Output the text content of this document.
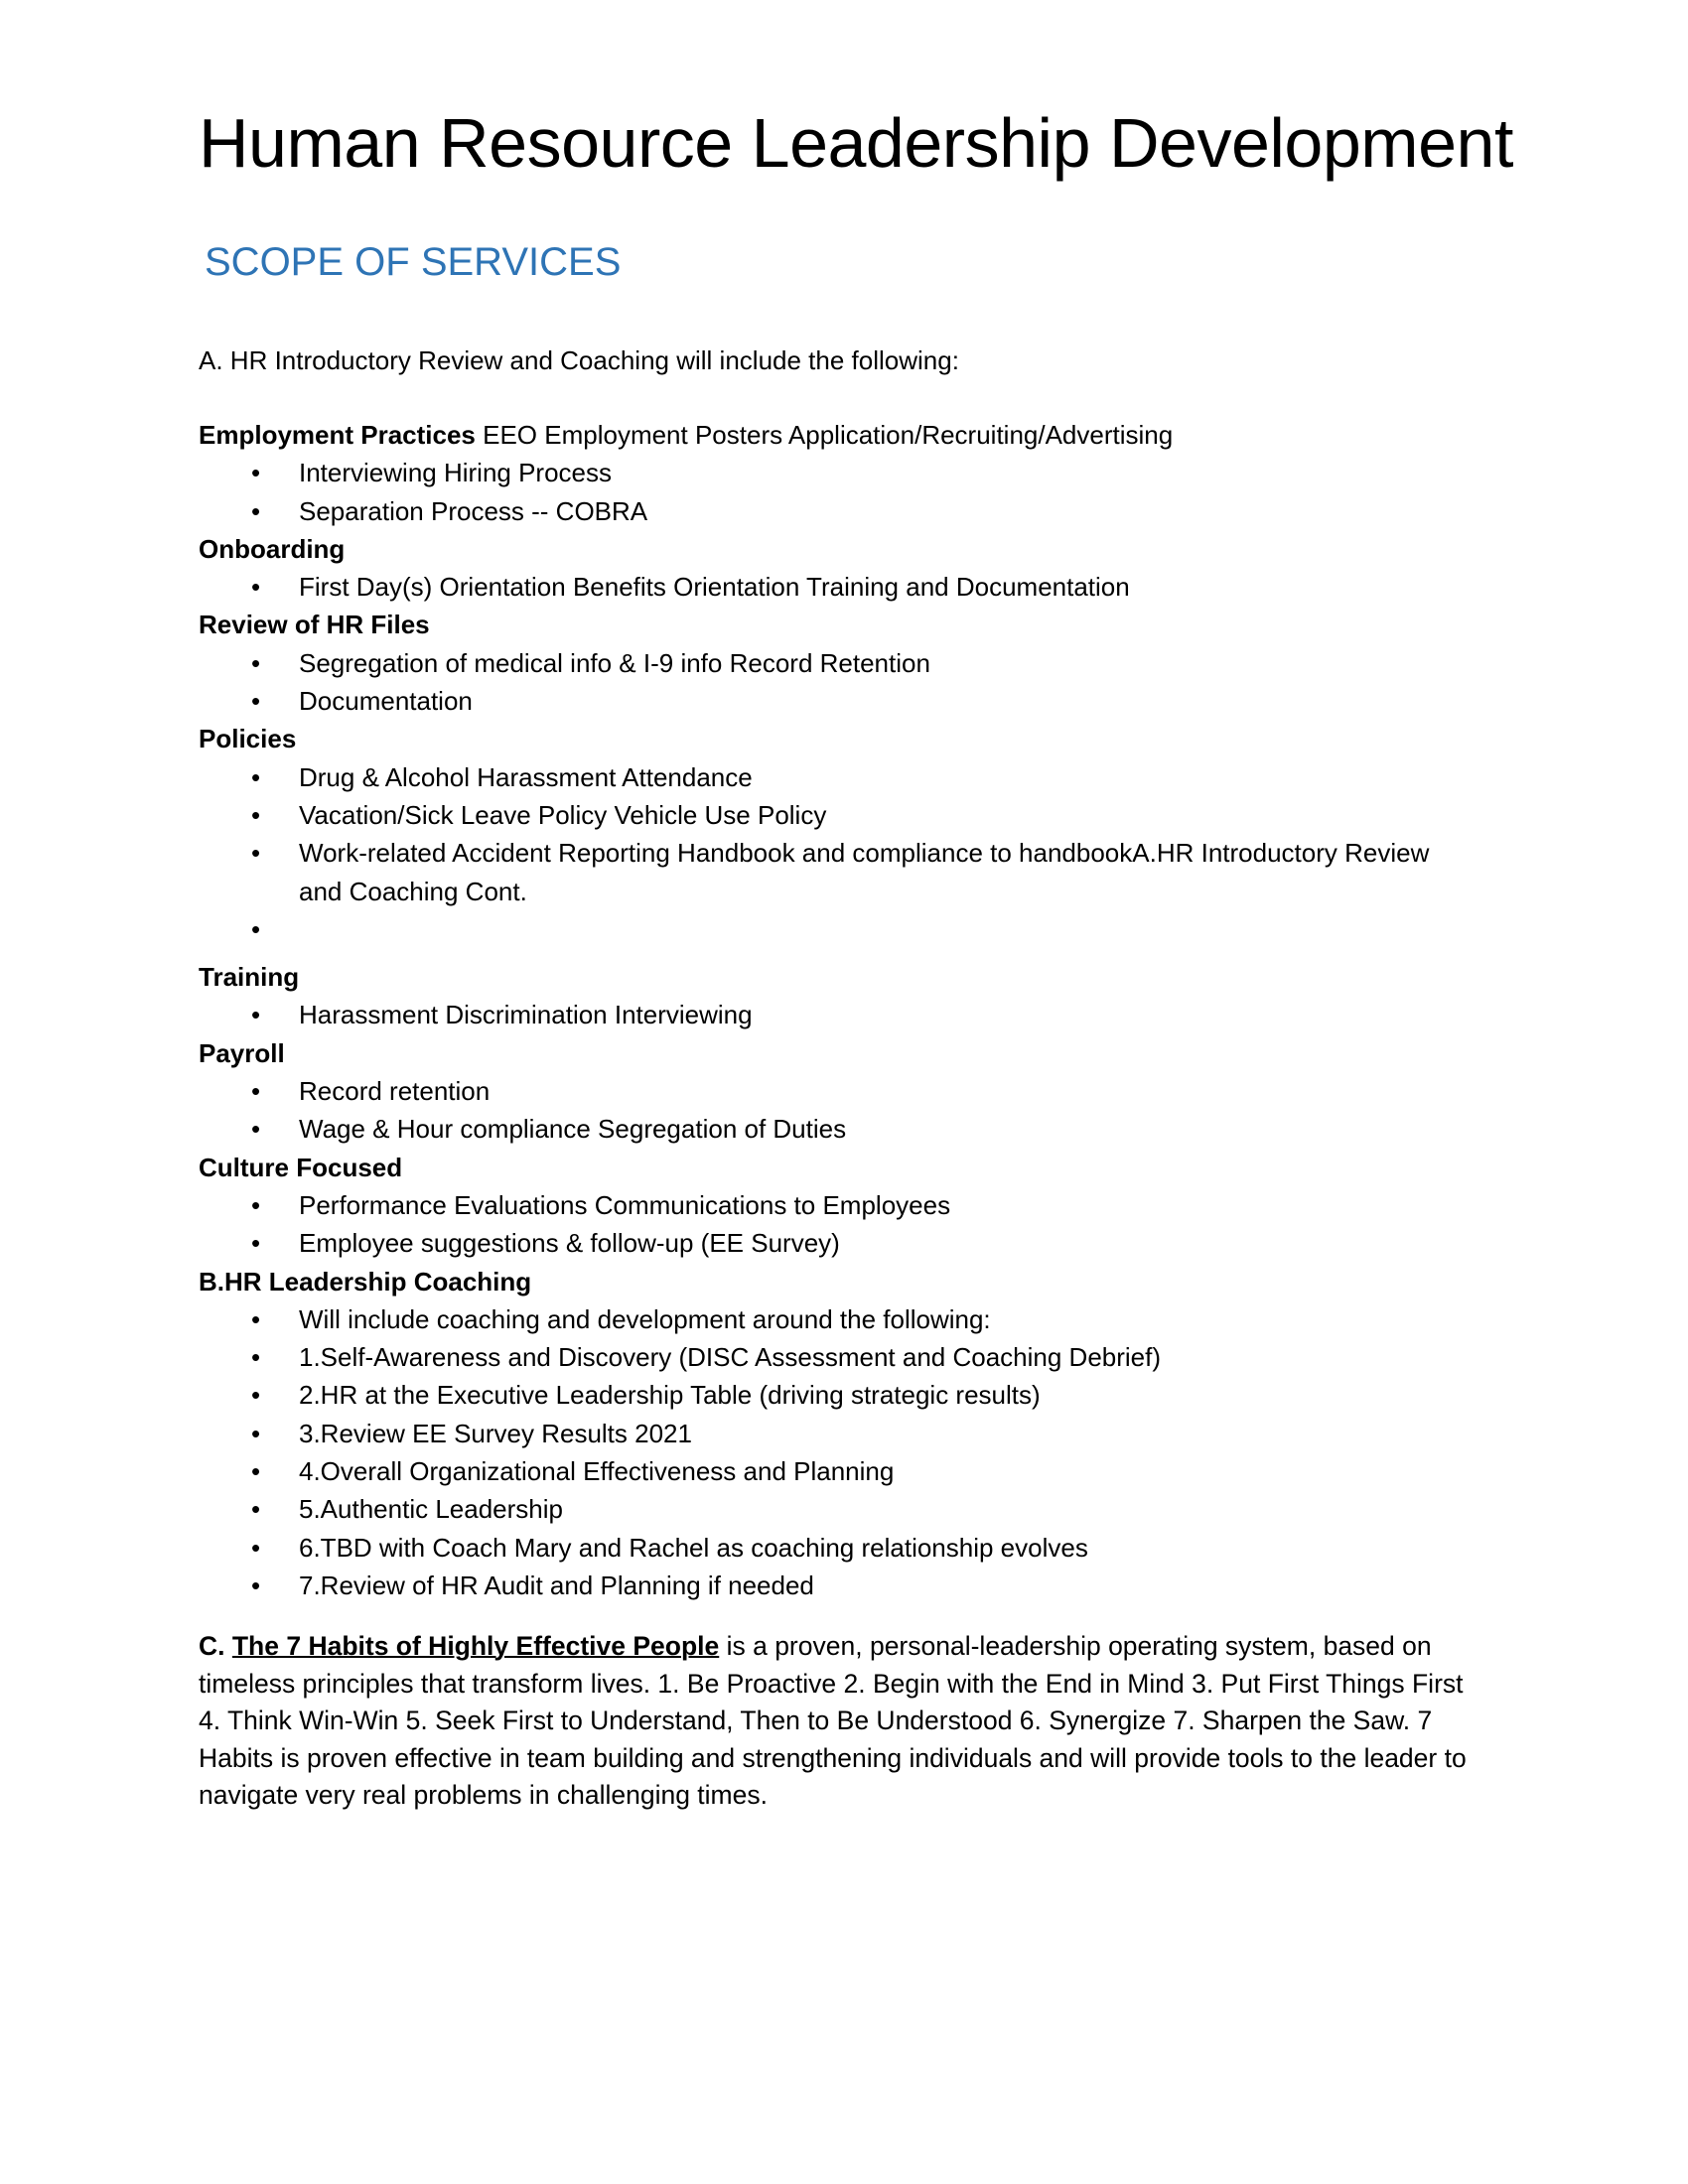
Human Resource Leadership Development
SCOPE OF SERVICES

A. HR Introductory Review and Coaching will include the following:

Employment Practices EEO Employment Posters Application/Recruiting/Advertising

• Interviewing Hiring Process
• Separation Process -- COBRA

Onboarding

• First Day(s) Orientation Benefits Orientation Training and Documentation

Review of HR Files

• Segregation of medical info & I-9 info Record Retention
• Documentation

Policies

• Drug & Alcohol Harassment Attendance
• Vacation/Sick Leave Policy Vehicle Use Policy
• Work-related Accident Reporting Handbook and compliance to handbookA.HR Introductory Review and Coaching Cont.
•

Training

• Harassment Discrimination Interviewing

Payroll

• Record retention
• Wage & Hour compliance Segregation of Duties

Culture Focused

• Performance Evaluations Communications to Employees
• Employee suggestions & follow-up (EE Survey)

B.HR Leadership Coaching

• Will include coaching and development around the following:
• 1.Self-Awareness and Discovery (DISC Assessment and Coaching Debrief)
• 2.HR at the Executive Leadership Table (driving strategic results)
• 3.Review EE Survey Results 2021
• 4.Overall Organizational Effectiveness and Planning
• 5.Authentic Leadership
• 6.TBD with Coach Mary and Rachel as coaching relationship evolves
• 7.Review of HR Audit and Planning if needed

C. The 7 Habits of Highly Effective People is a proven, personal-leadership operating system, based on timeless principles that transform lives. 1. Be Proactive 2. Begin with the End in Mind 3. Put First Things First 4. Think Win-Win 5. Seek First to Understand, Then to Be Understood 6. Synergize 7. Sharpen the Saw. 7 Habits is proven effective in team building and strengthening individuals and will provide tools to the leader to navigate very real problems in challenging times.
